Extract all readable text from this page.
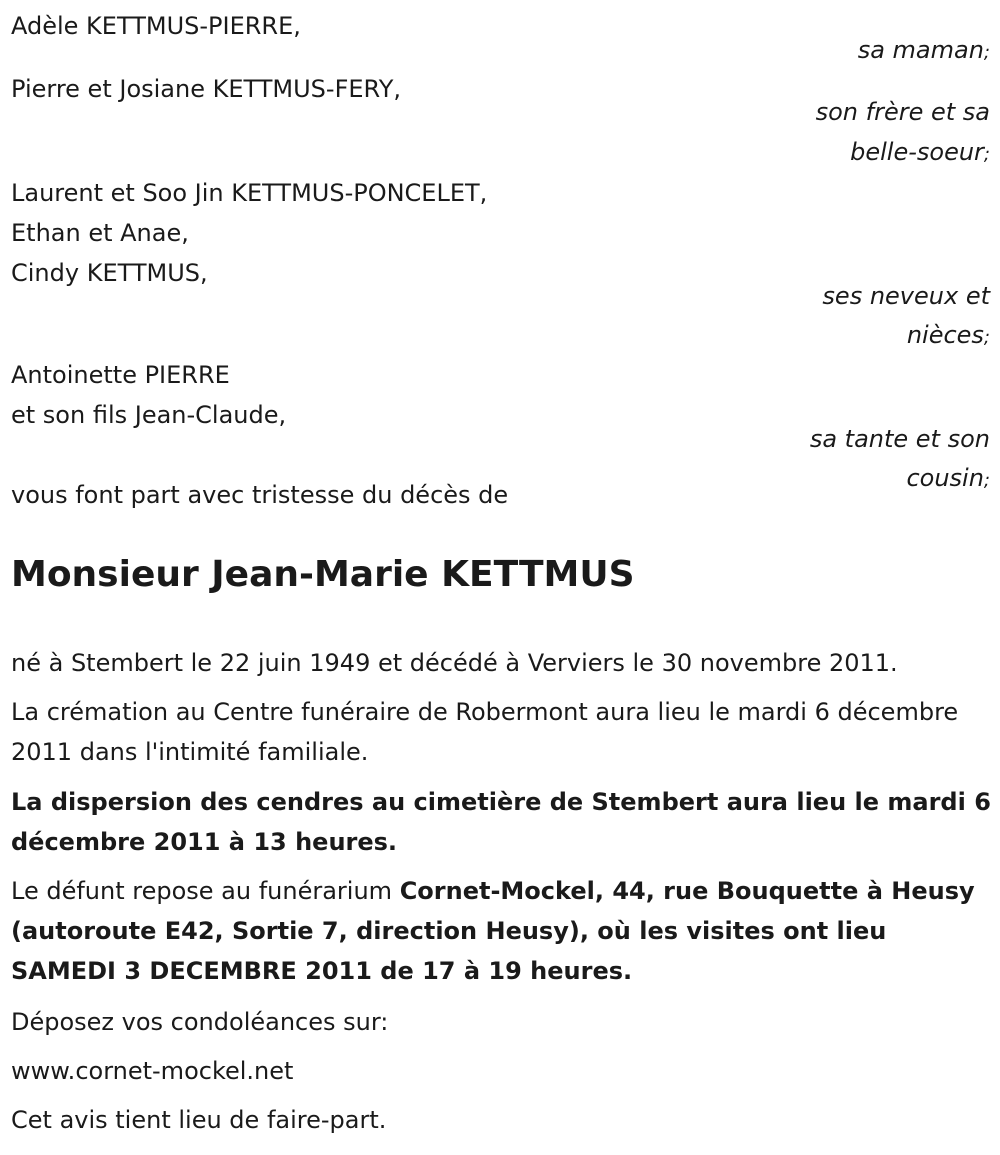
Adèle KETTMUS-PIERRE,

sa maman;

Pierre et Josiane KETTMUS-FERY,

son frère et sa

belle-soeur;

Laurent et Soo Jin KETTMUS-PONCELET,

Ethan et Anae,

Cindy KETTMUS,

ses neveux et

nièces;

Antoinette PIERRE

et son fils Jean-Claude,

sa tante et son

cousin;

vous font part avec tristesse du décès de

Monsieur Jean-Marie KETTMUS

né à Stembert le 22 juin 1949 et décédé à Verviers le 30 novembre 2011.

La crémation au Centre funéraire de Robermont aura lieu le mardi 6 décembre 2011 dans l'intimité familiale.

La dispersion des cendres au cimetière de Stembert aura lieu le mardi 6 décembre 2011 à 13 heures.

Le défunt repose au funérarium Cornet-Mockel, 44, rue Bouquette à Heusy (autoroute E42, Sortie 7, direction Heusy), où les visites ont lieu SAMEDI 3 DECEMBRE 2011 de 17 à 19 heures.

Déposez vos condoléances sur:

www.cornet-mockel.net

Cet avis tient lieu de faire-part.
